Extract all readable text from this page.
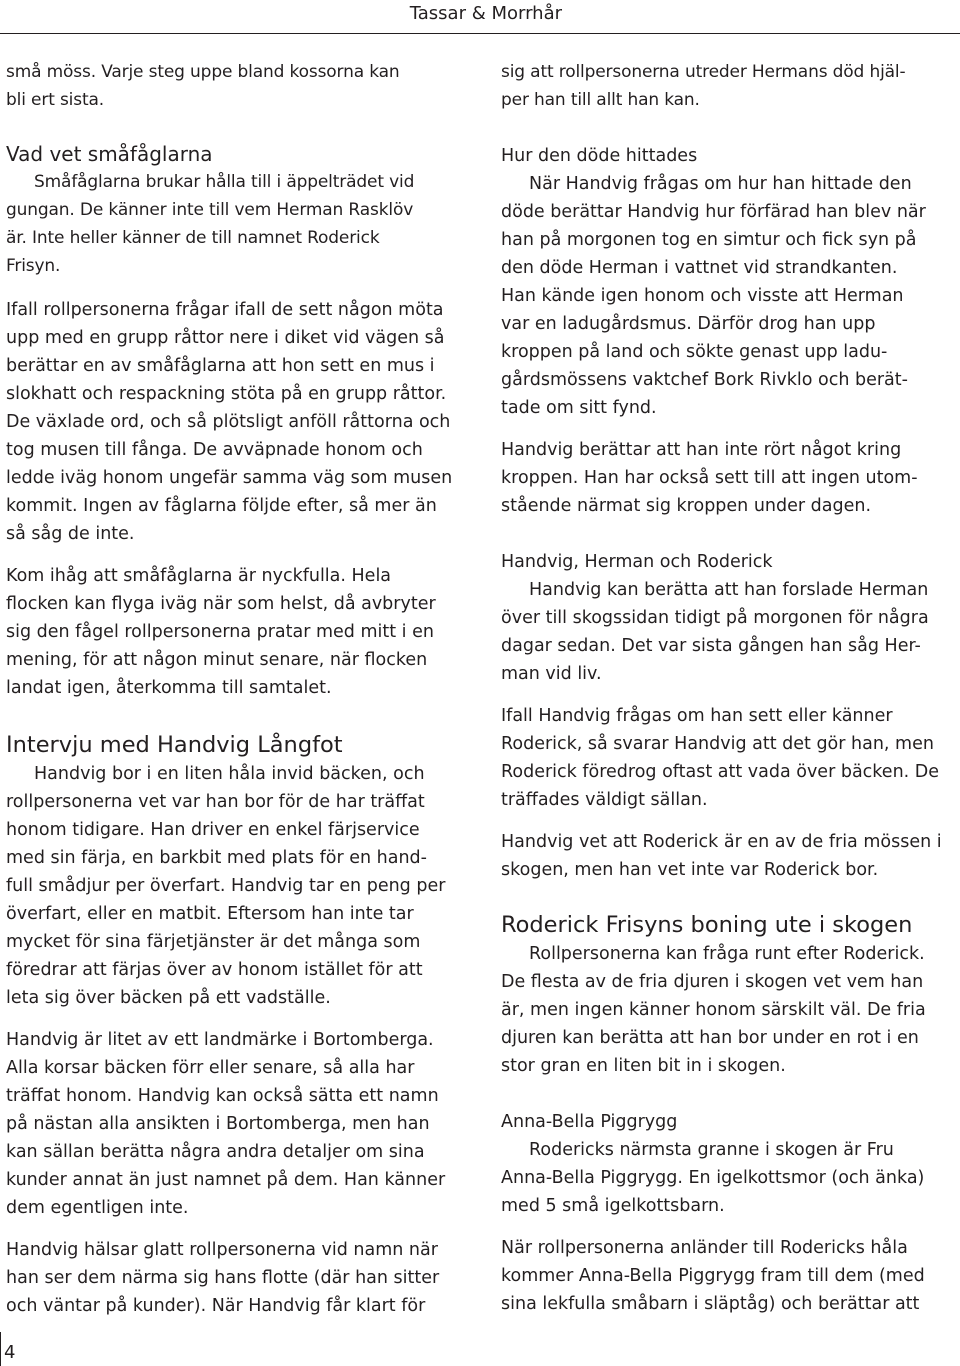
Tassar & Morrhår

små möss. Varje steg uppe bland kossorna kan
bli ert sista.

Vad vet småfåglarna

Småfåglarna brukar hålla till i äppelträdet vid
gungan. De känner inte till vem Herman Rasklöv
är. Inte heller känner de till namnet Roderick
Frisyn.

Ifall rollpersonerna frågar ifall de sett någon möta
upp med en grupp råttor nere i diket vid vägen så
berättar en av småfåglarna att hon sett en mus i
slokhatt och respackning stöta på en grupp råttor.
De växlade ord, och så plötsligt anföll råttorna och
tog musen till fånga. De avväpnade honom och
ledde iväg honom ungefär samma väg som musen
kommit. Ingen av fåglarna följde efter, så mer än
så såg de inte.

Kom ihåg att småfåglarna är nyckfulla. Hela
flocken kan flyga iväg när som helst, då avbryter
sig den fågel rollpersonerna pratar med mitt i en
mening, för att någon minut senare, när flocken
landat igen, återkomma till samtalet.

Intervju med Handvig Långfot

Handvig bor i en liten håla invid bäcken, och
rollpersonerna vet var han bor för de har träffat
honom tidigare. Han driver en enkel färjservice
med sin färja, en barkbit med plats för en hand-
full smådjur per överfart. Handvig tar en peng per
överfart, eller en matbit. Eftersom han inte tar
mycket för sina färjetjänster är det många som
föredrar att färjas över av honom istället för att
leta sig över bäcken på ett vadställe.

Handvig är litet av ett landmärke i Bortomberga.
Alla korsar bäcken förr eller senare, så alla har
träffat honom. Handvig kan också sätta ett namn
på nästan alla ansikten i Bortomberga, men han
kan sällan berätta några andra detaljer om sina
kunder annat än just namnet på dem. Han känner
dem egentligen inte.

Handvig hälsar glatt rollpersonerna vid namn när
han ser dem närma sig hans flotte (där han sitter
och väntar på kunder). När Handvig får klart för

sig att rollpersonerna utreder Hermans död hjäl-
per han till allt han kan.

Hur den döde hittades

När Handvig frågas om hur han hittade den
döde berättar Handvig hur förfärad han blev när
han på morgonen tog en simtur och fick syn på
den döde Herman i vattnet vid strandkanten.
Han kände igen honom och visste att Herman
var en ladugårdsmus. Därför drog han upp
kroppen på land och sökte genast upp ladu-
gårdsmössens vaktchef Bork Rivklo och berät-
tade om sitt fynd.

Handvig berättar att han inte rört något kring
kroppen. Han har också sett till att ingen utom-
stående närmat sig kroppen under dagen.

Handvig, Herman och Roderick

Handvig kan berätta att han forslade Herman
över till skogssidan tidigt på morgonen för några
dagar sedan. Det var sista gången han såg Her-
man vid liv.

Ifall Handvig frågas om han sett eller känner
Roderick, så svarar Handvig att det gör han, men
Roderick föredrog oftast att vada över bäcken. De
träffades väldigt sällan.

Handvig vet att Roderick är en av de fria mössen i
skogen, men han vet inte var Roderick bor.

Roderick Frisyns boning ute i skogen

Rollpersonerna kan fråga runt efter Roderick.
De flesta av de fria djuren i skogen vet vem han
är, men ingen känner honom särskilt väl. De fria
djuren kan berätta att han bor under en rot i en
stor gran en liten bit in i skogen.

Anna-Bella Piggrygg

Rodericks närmsta granne i skogen är Fru
Anna-Bella Piggrygg. En igelkottsmor (och änka)
med 5 små igelkottsbarn.

När rollpersonerna anländer till Rodericks håla
kommer Anna-Bella Piggrygg fram till dem (med
sina lekfulla småbarn i släptåg) och berättar att

4
